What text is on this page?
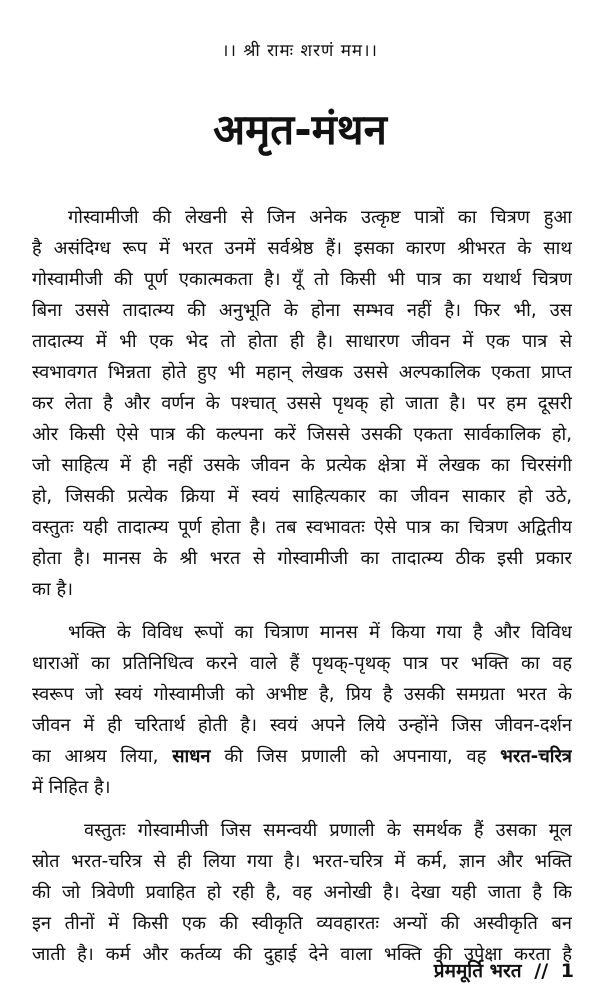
।। श्री रामः शरणं मम।।
अमृत-मंथन
गोस्वामीजी की लेखनी से जिन अनेक उत्कृष्ट पात्रों का चित्रण हुआ
है असंदिग्ध रूप में भरत उनमें सर्वश्रेष्ठ हैं। इसका कारण श्रीभरत के साथ
गोस्वामीजी की पूर्ण एकात्मकता है। यूँ तो किसी भी पात्र का यथार्थ चित्रण
बिना उससे तादात्म्य की अनुभूति के होना सम्भव नहीं है। फिर भी, उस
तादात्म्य में भी एक भेद तो होता ही है। साधारण जीवन में एक पात्र से
स्वभावगत भिन्नता होते हुए भी महान् लेखक उससे अल्पकालिक एकता प्राप्त
कर लेता है और वर्णन के पश्चात् उससे पृथक् हो जाता है। पर हम दूसरी
ओर किसी ऐसे पात्र की कल्पना करें जिससे उसकी एकता सार्वकालिक हो,
जो साहित्य में ही नहीं उसके जीवन के प्रत्येक क्षेत्रा में लेखक का चिरसंगी
हो, जिसकी प्रत्येक क्रिया में स्वयं साहित्यकार का जीवन साकार हो उठे,
वस्तुतः यही तादात्म्य पूर्ण होता है। तब स्वभावतः ऐसे पात्र का चित्रण अद्वितीय
होता है। मानस के श्री भरत से गोस्वामीजी का तादात्म्य ठीक इसी प्रकार
का है।
भक्ति के विविध रूपों का चित्राण मानस में किया गया है और विविध
धाराओं का प्रतिनिधित्व करने वाले हैं पृथक्-पृथक् पात्र पर भक्ति का वह
स्वरूप जो स्वयं गोस्वामीजी को अभीष्ट है, प्रिय है उसकी समग्रता भरत के
जीवन में ही चरितार्थ होती है। स्वयं अपने लिये उन्होंने जिस जीवन-दर्शन
का आश्रय लिया, साधन की जिस प्रणाली को अपनाया, वह भरत-चरित्र
में निहित है।
वस्तुतः गोस्वामीजी जिस समन्वयी प्रणाली के समर्थक हैं उसका मूल
स्रोत भरत-चरित्र से ही लिया गया है। भरत-चरित्र में कर्म, ज्ञान और भक्ति
की जो त्रिवेणी प्रवाहित हो रही है, वह अनोखी है। देखा यही जाता है कि
इन तीनों में किसी एक की स्वीकृति व्यवहारतः अन्यों की अस्वीकृति बन
जाती है। कर्म और कर्तव्य की दुहाई देने वाला भक्ति की उपेक्षा करता है
प्रेममूर्ति भरत // 1
